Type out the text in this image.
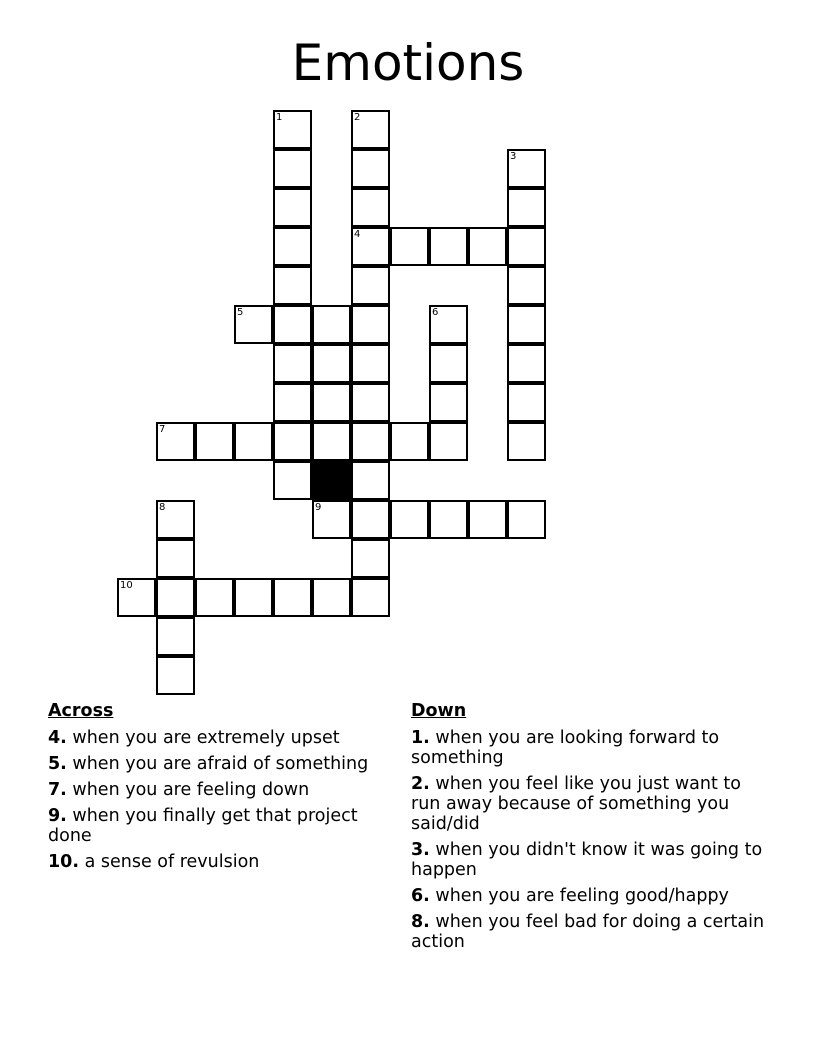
Emotions
1	2
4
3
5	6
7
8	9
10
Across
4. when you are extremely upset
5. when you are afraid of something
7. when you are feeling down
9. when you finally get that project done
10. a sense of revulsion
Down
1. when you are looking forward to something
2. when you feel like you just want to run away because of something you said/did
3. when you didn't know it was going to happen
6. when you are feeling good/happy
8. when you feel bad for doing a certain action
